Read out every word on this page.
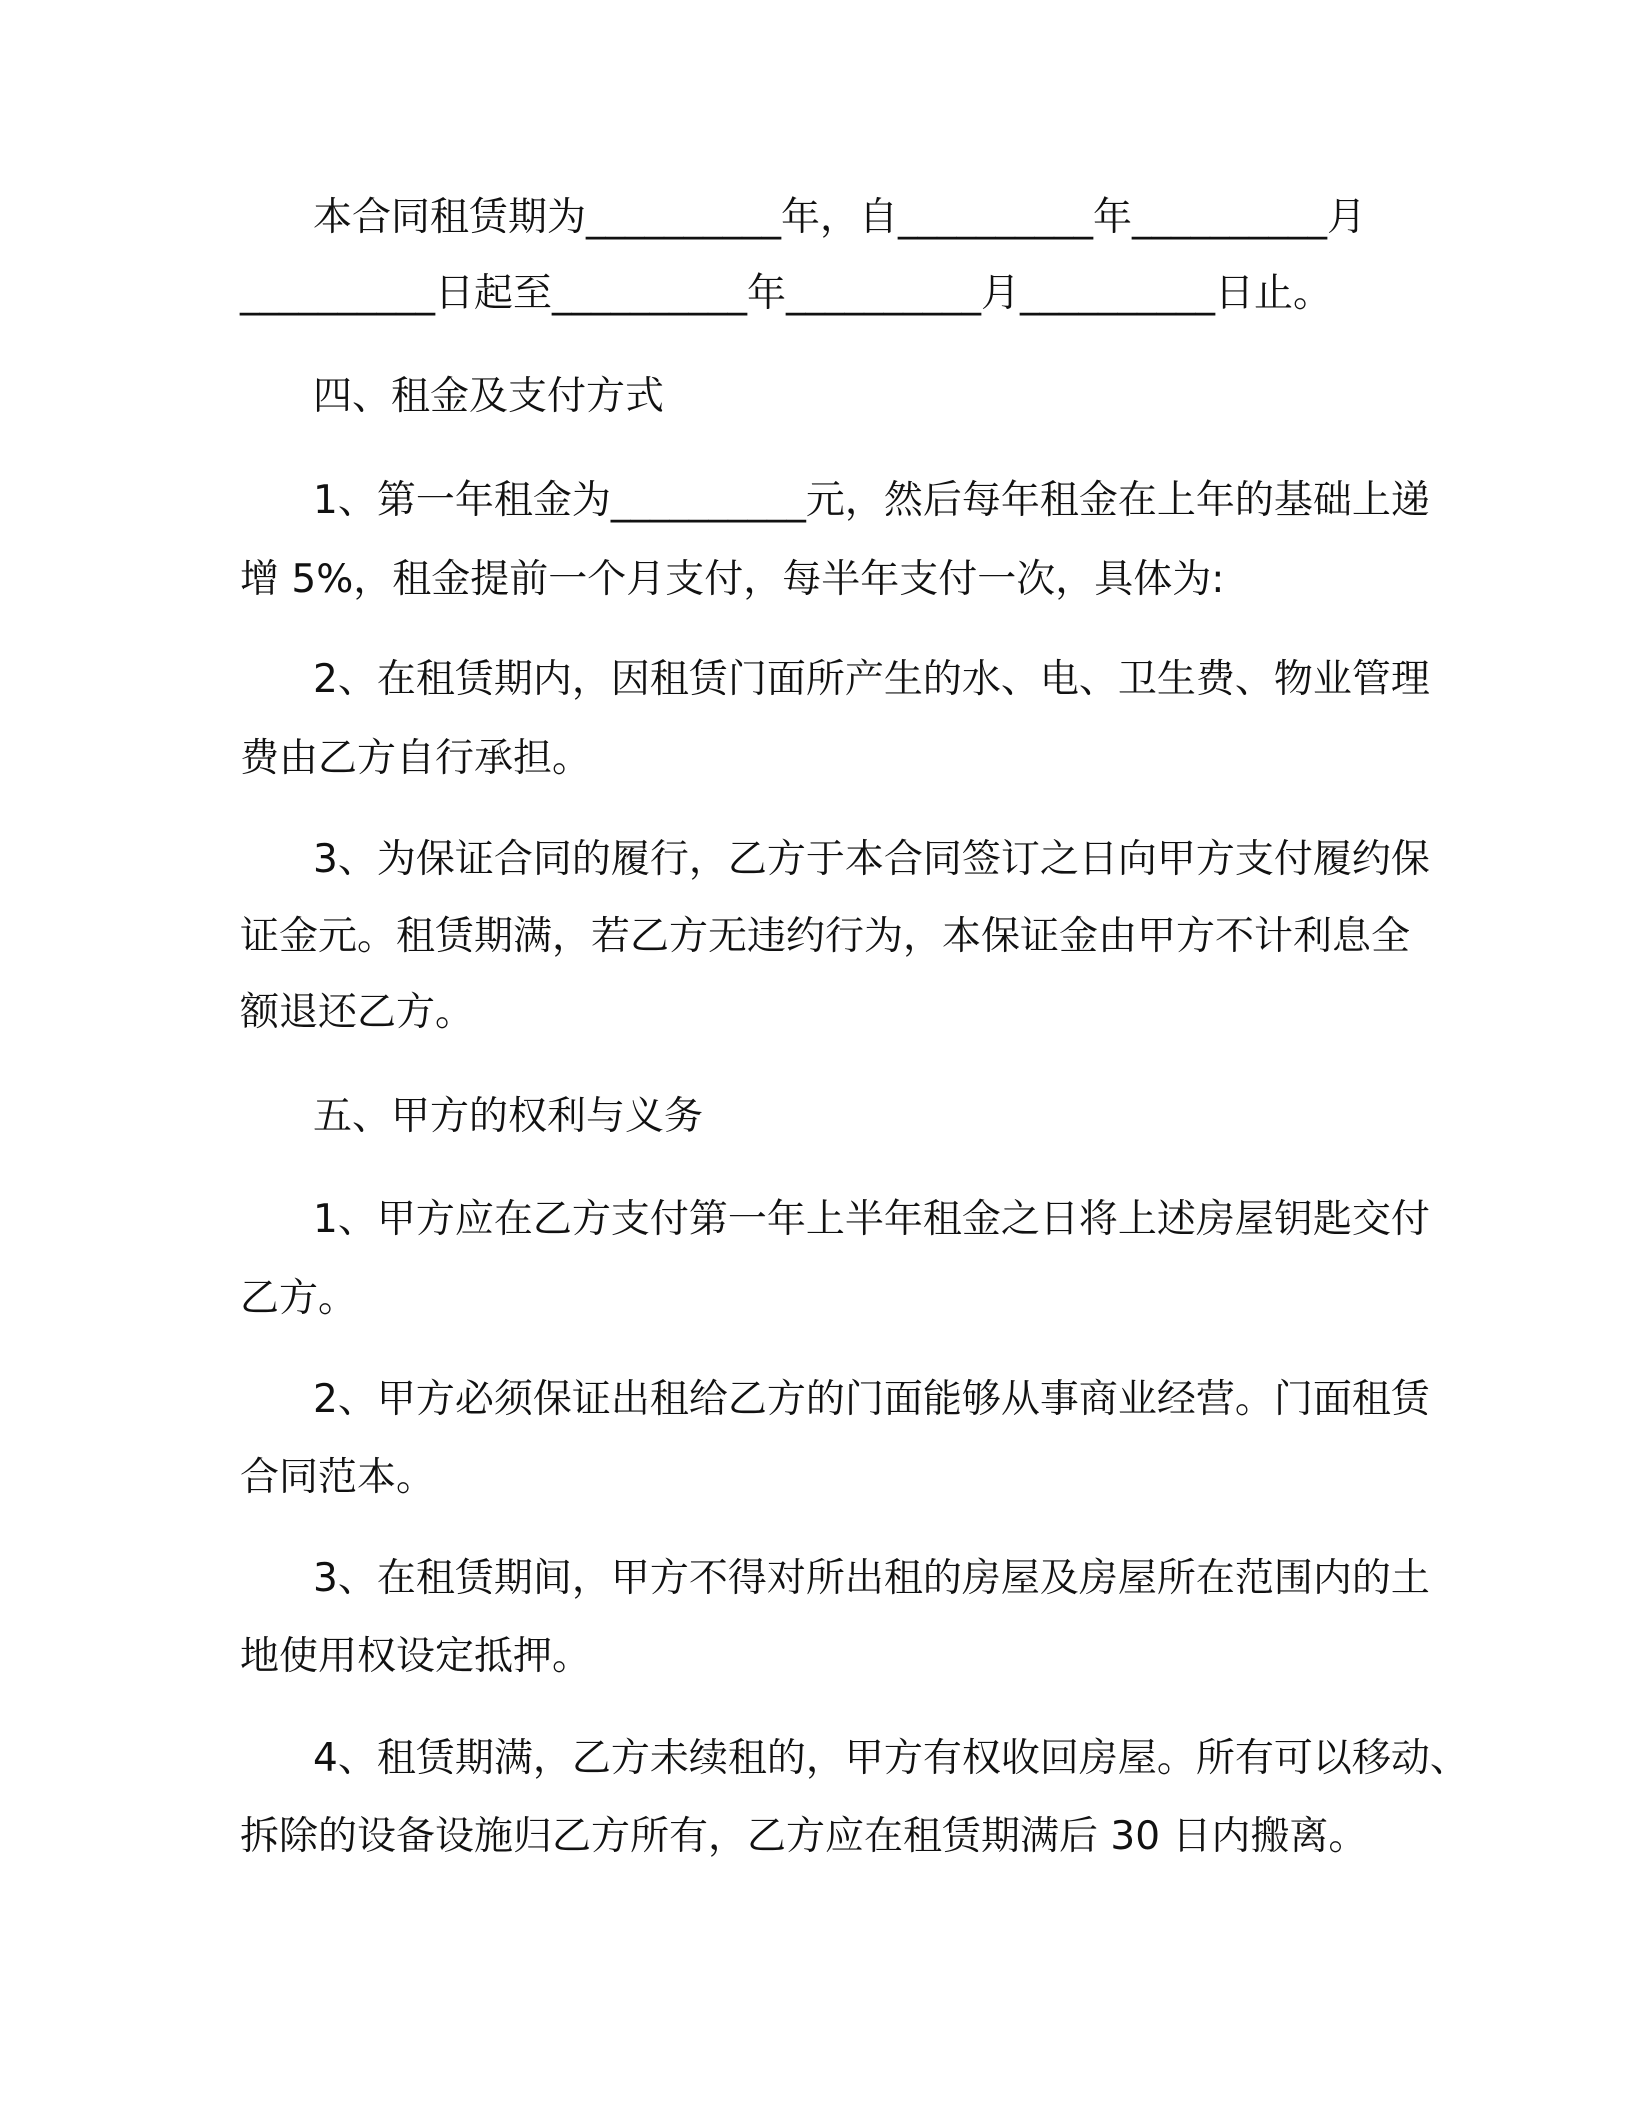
本合同租赁期为__________年，自__________年__________月
__________日起至__________年__________月__________日止。
四、租金及支付方式
1、第一年租金为__________元，然后每年租金在上年的基础上递
增 5%，租金提前一个月支付，每半年支付一次，具体为:
2、在租赁期内，因租赁门面所产生的水、电、卫生费、物业管理
费由乙方自行承担。
3、为保证合同的履行，乙方于本合同签订之日向甲方支付履约保
证金元。租赁期满，若乙方无违约行为，本保证金由甲方不计利息全
额退还乙方。
五、甲方的权利与义务
1、甲方应在乙方支付第一年上半年租金之日将上述房屋钥匙交付
乙方。
2、甲方必须保证出租给乙方的门面能够从事商业经营。门面租赁
合同范本。
3、在租赁期间，甲方不得对所出租的房屋及房屋所在范围内的土
地使用权设定抵押。
4、租赁期满，乙方未续租的，甲方有权收回房屋。所有可以移动、
拆除的设备设施归乙方所有，乙方应在租赁期满后 30 日内搬离。
